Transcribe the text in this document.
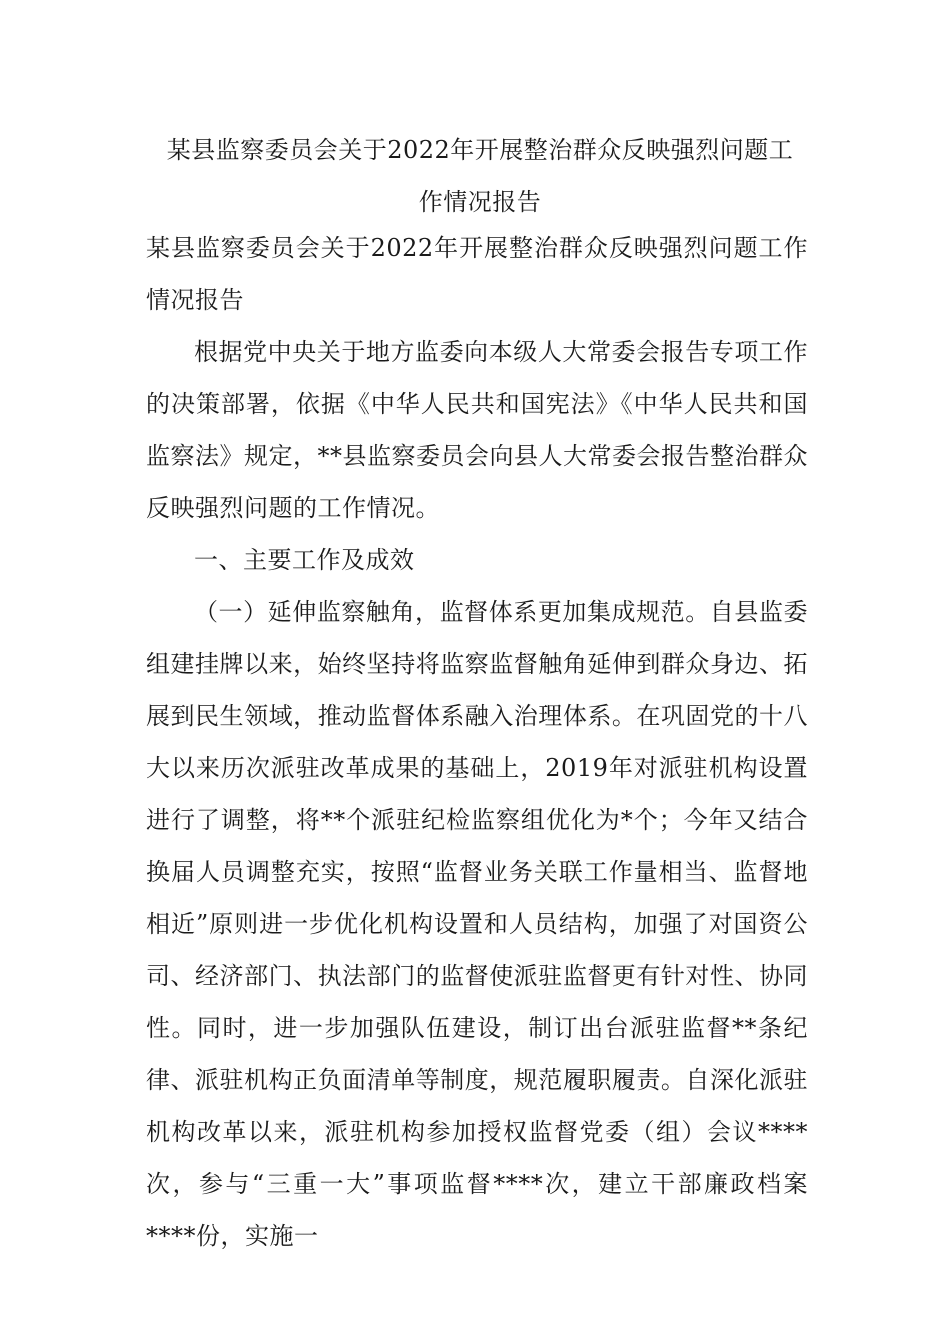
某县监察委员会关于2022年开展整治群众反映强烈问题工
作情况报告

某县监察委员会关于2022年开展整治群众反映强烈问题工作情况报告

根据党中央关于地方监委向本级人大常委会报告专项工作的决策部署，依据《中华人民共和国宪法》《中华人民共和国监察法》规定，**县监察委员会向县人大常委会报告整治群众反映强烈问题的工作情况。

一、主要工作及成效

（一）延伸监察触角，监督体系更加集成规范。自县监委组建挂牌以来，始终坚持将监察监督触角延伸到群众身边、拓展到民生领域，推动监督体系融入治理体系。在巩固党的十八大以来历次派驻改革成果的基础上，2019年对派驻机构设置进行了调整，将**个派驻纪检监察组优化为*个；今年又结合换届人员调整充实，按照“监督业务关联工作量相当、监督地相近”原则进一步优化机构设置和人员结构，加强了对国资公司、经济部门、执法部门的监督使派驻监督更有针对性、协同性。同时，进一步加强队伍建设，制订出台派驻监督**条纪律、派驻机构正负面清单等制度，规范履职履责。自深化派驻机构改革以来，派驻机构参加授权监督党委（组）会议****次，参与“三重一大”事项监督****次，建立干部廉政档案****份，实施一
